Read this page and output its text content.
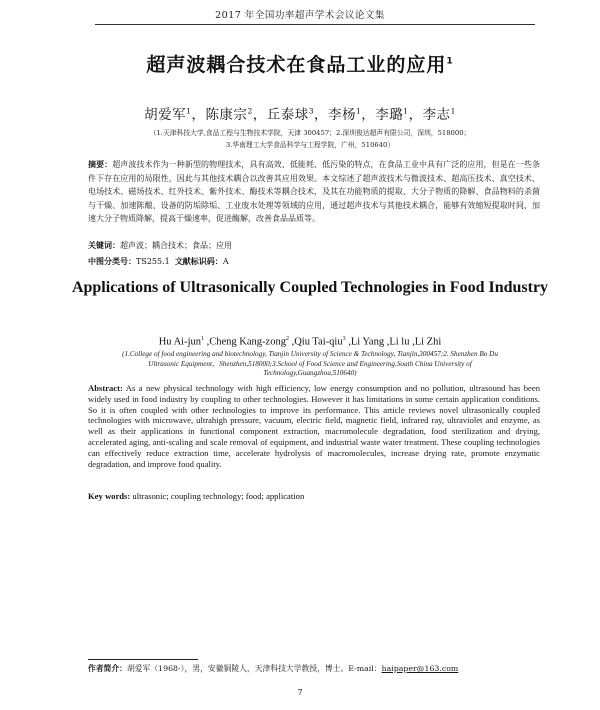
2017 年全国功率超声学术会议论文集
超声波耦合技术在食品工业的应用$^1$
胡爱军$^1$，陈康宗$^2$，丘泰球$^3$，李杨$^1$，李璐$^1$，李志$^1$
（1.天津科技大学,食品工程与生物技术学院，天津 300457；2.深圳俊达超声有限公司，深圳，518000；
3.华南理工大学食品科学与工程学院，广州，510640）
摘要：超声波技术作为一种新型的物理技术，具有高效、低能耗、低污染的特点，在食品工业中具有广泛的应用，但是在一些条件下存在应用的局限性，因此与其他技术耦合以改善其应用效果。本文综述了超声波技术与微波技术、超高压技术、真空技术、电场技术、磁场技术、红外技术、紫外技术、酶技术等耦合技术，及其在功能物质的提取、大分子物质的降解、食品物料的杀菌与干燥、加速陈酿、设备的防垢除垢、工业废水处理等领域的应用，通过超声技术与其他技术耦合，能够有效缩短提取时间，加速大分子物质降解，提高干燥速率，促进酶解，改善食品品质等。
关键词：超声波；耦合技术；食品；应用
中图分类号：TS255.1 文献标识码：A
Applications of Ultrasonically Coupled Technologies in Food Industry
Hu Ai-jun$^1$ ,Cheng Kang-zong$^2$ ,Qiu Tai-qiu$^3$ ,Li Yang ,Li lu ,Li Zhi
(1.College of food engineering and biotechnology, Tianjin University of Science & Technology, Tianjin,300457;2. Shenzhen Bo Du Ultrasonic Equipment，Shenzhen,518000;3.School of Food Science and Engineering,South China University of Technology,Guangzhou,510640)
Abstract: As a new physical technology with high efficiency, low energy consumption and no pollution, ultrasound has been widely used in food industry by coupling to other technologies. However it has limitations in some certain application conditions. So it is often coupled with other technologies to improve its performance. This article reviews novel ultrasonically coupled technologies with microwave, ultrahigh pressure, vacuum, electric field, magnetic field, infrared ray, ultraviolet and enzyme, as well as their applications in functional component extraction, macromolecule degradation, food sterilization and drying, accelerated aging, anti-scaling and scale removal of equipment, and industrial waste water treatment. These coupling technologies can effectively reduce extraction time, accelerate hydrolysis of macromolecules, increase drying rate, promote enzymatic degradation, and improve food quality.
Key words: ultrasonic; coupling technology; food; application
作者简介：胡爱军（1968-），男，安徽铜陵人，天津科技大学教授，博士。E-mail：haipaper@163.com
7
